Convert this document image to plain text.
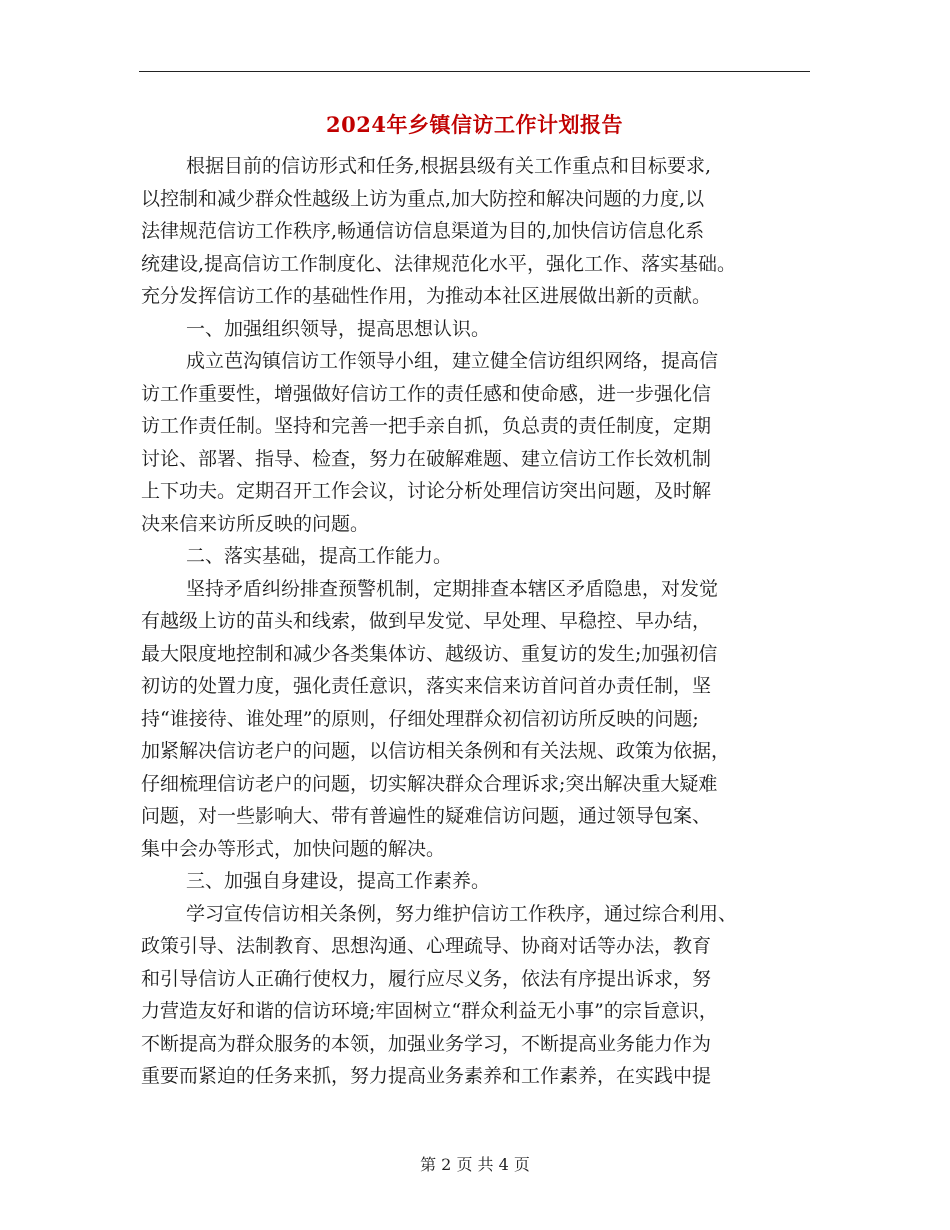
2024年乡镇信访工作计划报告
根据目前的信访形式和任务,根据县级有关工作重点和目标要求,
以控制和减少群众性越级上访为重点,加大防控和解决问题的力度,以
法律规范信访工作秩序,畅通信访信息渠道为目的,加快信访信息化系
统建设,提高信访工作制度化、法律规范化水平，强化工作、落实基础。
充分发挥信访工作的基础性作用，为推动本社区进展做出新的贡献。
一、加强组织领导，提高思想认识。
成立芭沟镇信访工作领导小组，建立健全信访组织网络，提高信
访工作重要性，增强做好信访工作的责任感和使命感，进一步强化信
访工作责任制。坚持和完善一把手亲自抓，负总责的责任制度，定期
讨论、部署、指导、检查，努力在破解难题、建立信访工作长效机制
上下功夫。定期召开工作会议，讨论分析处理信访突出问题，及时解
决来信来访所反映的问题。
二、落实基础，提高工作能力。
坚持矛盾纠纷排查预警机制，定期排查本辖区矛盾隐患，对发觉
有越级上访的苗头和线索，做到早发觉、早处理、早稳控、早办结，
最大限度地控制和减少各类集体访、越级访、重复访的发生;加强初信
初访的处置力度，强化责任意识，落实来信来访首问首办责任制，坚
持“谁接待、谁处理”的原则，仔细处理群众初信初访所反映的问题;
加紧解决信访老户的问题，以信访相关条例和有关法规、政策为依据，
仔细梳理信访老户的问题，切实解决群众合理诉求;突出解决重大疑难
问题，对一些影响大、带有普遍性的疑难信访问题，通过领导包案、
集中会办等形式，加快问题的解决。
三、加强自身建设，提高工作素养。
学习宣传信访相关条例，努力维护信访工作秩序，通过综合利用、
政策引导、法制教育、思想沟通、心理疏导、协商对话等办法，教育
和引导信访人正确行使权力，履行应尽义务，依法有序提出诉求，努
力营造友好和谐的信访环境;牢固树立“群众利益无小事”的宗旨意识，
不断提高为群众服务的本领，加强业务学习，不断提高业务能力作为
重要而紧迫的任务来抓，努力提高业务素养和工作素养，在实践中提
第 2 页 共 4 页
